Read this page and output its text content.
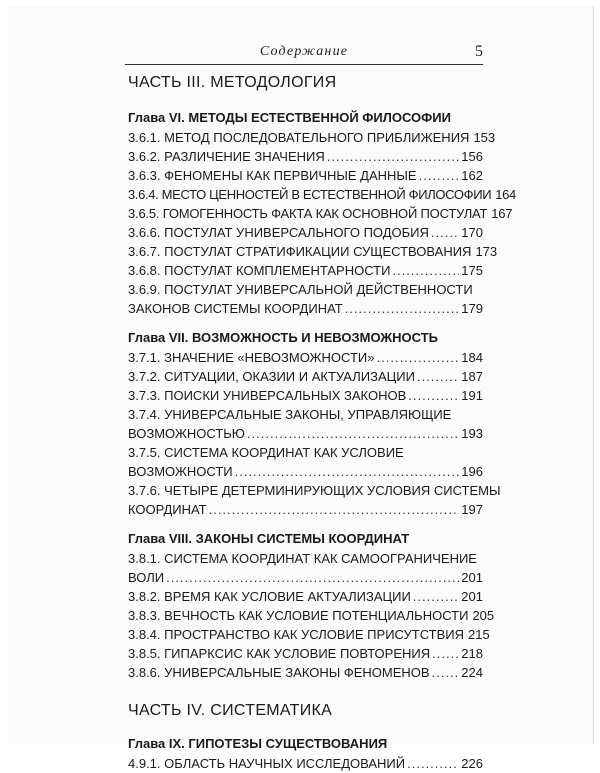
Содержание	5
ЧАСТЬ III. МЕТОДОЛОГИЯ
Глава VI. МЕТОДЫ ЕСТЕСТВЕННОЙ ФИЛОСОФИИ
3.6.1. МЕТОД ПОСЛЕДОВАТЕЛЬНОГО ПРИБЛИЖЕНИЯ 153
3.6.2. РАЗЛИЧЕНИЕ ЗНАЧЕНИЯ .....	156
3.6.3. ФЕНОМЕНЫ КАК ПЕРВИЧНЫЕ ДАННЫЕ .....	162
3.6.4. МЕСТО ЦЕННОСТЕЙ В ЕСТЕСТВЕННОЙ ФИЛОСОФИИ 164
3.6.5. ГОМОГЕННОСТЬ ФАКТА КАК ОСНОВНОЙ ПОСТУЛАТ 167
3.6.6. ПОСТУЛАТ УНИВЕРСАЛЬНОГО ПОДОБИЯ ..... 170
3.6.7. ПОСТУЛАТ СТРАТИФИКАЦИИ СУЩЕСТВОВАНИЯ 173
3.6.8. ПОСТУЛАТ КОМПЛЕМЕНТАРНОСТИ .....	175
3.6.9. ПОСТУЛАТ УНИВЕРСАЛЬНОЙ ДЕЙСТВЕННОСТИ
ЗАКОНОВ СИСТЕМЫ КООРДИНАТ .....	179
Глава VII. ВОЗМОЖНОСТЬ И НЕВОЗМОЖНОСТЬ
3.7.1. ЗНАЧЕНИЕ «НЕВОЗМОЖНОСТИ» .....	184
3.7.2. СИТУАЦИИ, ОКАЗИИ И АКТУАЛИЗАЦИИ .....	187
3.7.3. ПОИСКИ УНИВЕРСАЛЬНЫХ ЗАКОНОВ .....	191
3.7.4. УНИВЕРСАЛЬНЫЕ ЗАКОНЫ, УПРАВЛЯЮЩИЕ
ВОЗМОЖНОСТЬЮ .....	193
3.7.5. СИСТЕМА КООРДИНАТ КАК УСЛОВИЕ
ВОЗМОЖНОСТИ .....	196
3.7.6. ЧЕТЫРЕ ДЕТЕРМИНИРУЮЩИХ УСЛОВИЯ СИСТЕМЫ
КООРДИНАТ .....	197
Глава VIII. ЗАКОНЫ СИСТЕМЫ КООРДИНАТ
3.8.1. СИСТЕМА КООРДИНАТ КАК САМООГРАНИЧЕНИЕ
ВОЛИ .....	201
3.8.2. ВРЕМЯ КАК УСЛОВИЕ АКТУАЛИЗАЦИИ .....	201
3.8.3. ВЕЧНОСТЬ КАК УСЛОВИЕ ПОТЕНЦИАЛЬНОСТИ 205
3.8.4. ПРОСТРАНСТВО КАК УСЛОВИЕ ПРИСУТСТВИЯ 215
3.8.5. ГИПАРКСИС КАК УСЛОВИЕ ПОВТОРЕНИЯ ..... 218
3.8.6. УНИВЕРСАЛЬНЫЕ ЗАКОНЫ ФЕНОМЕНОВ ..... 224
ЧАСТЬ IV. СИСТЕМАТИКА
Глава IX. ГИПОТЕЗЫ СУЩЕСТВОВАНИЯ
4.9.1. ОБЛАСТЬ НАУЧНЫХ ИССЛЕДОВАНИЙ .....	226
